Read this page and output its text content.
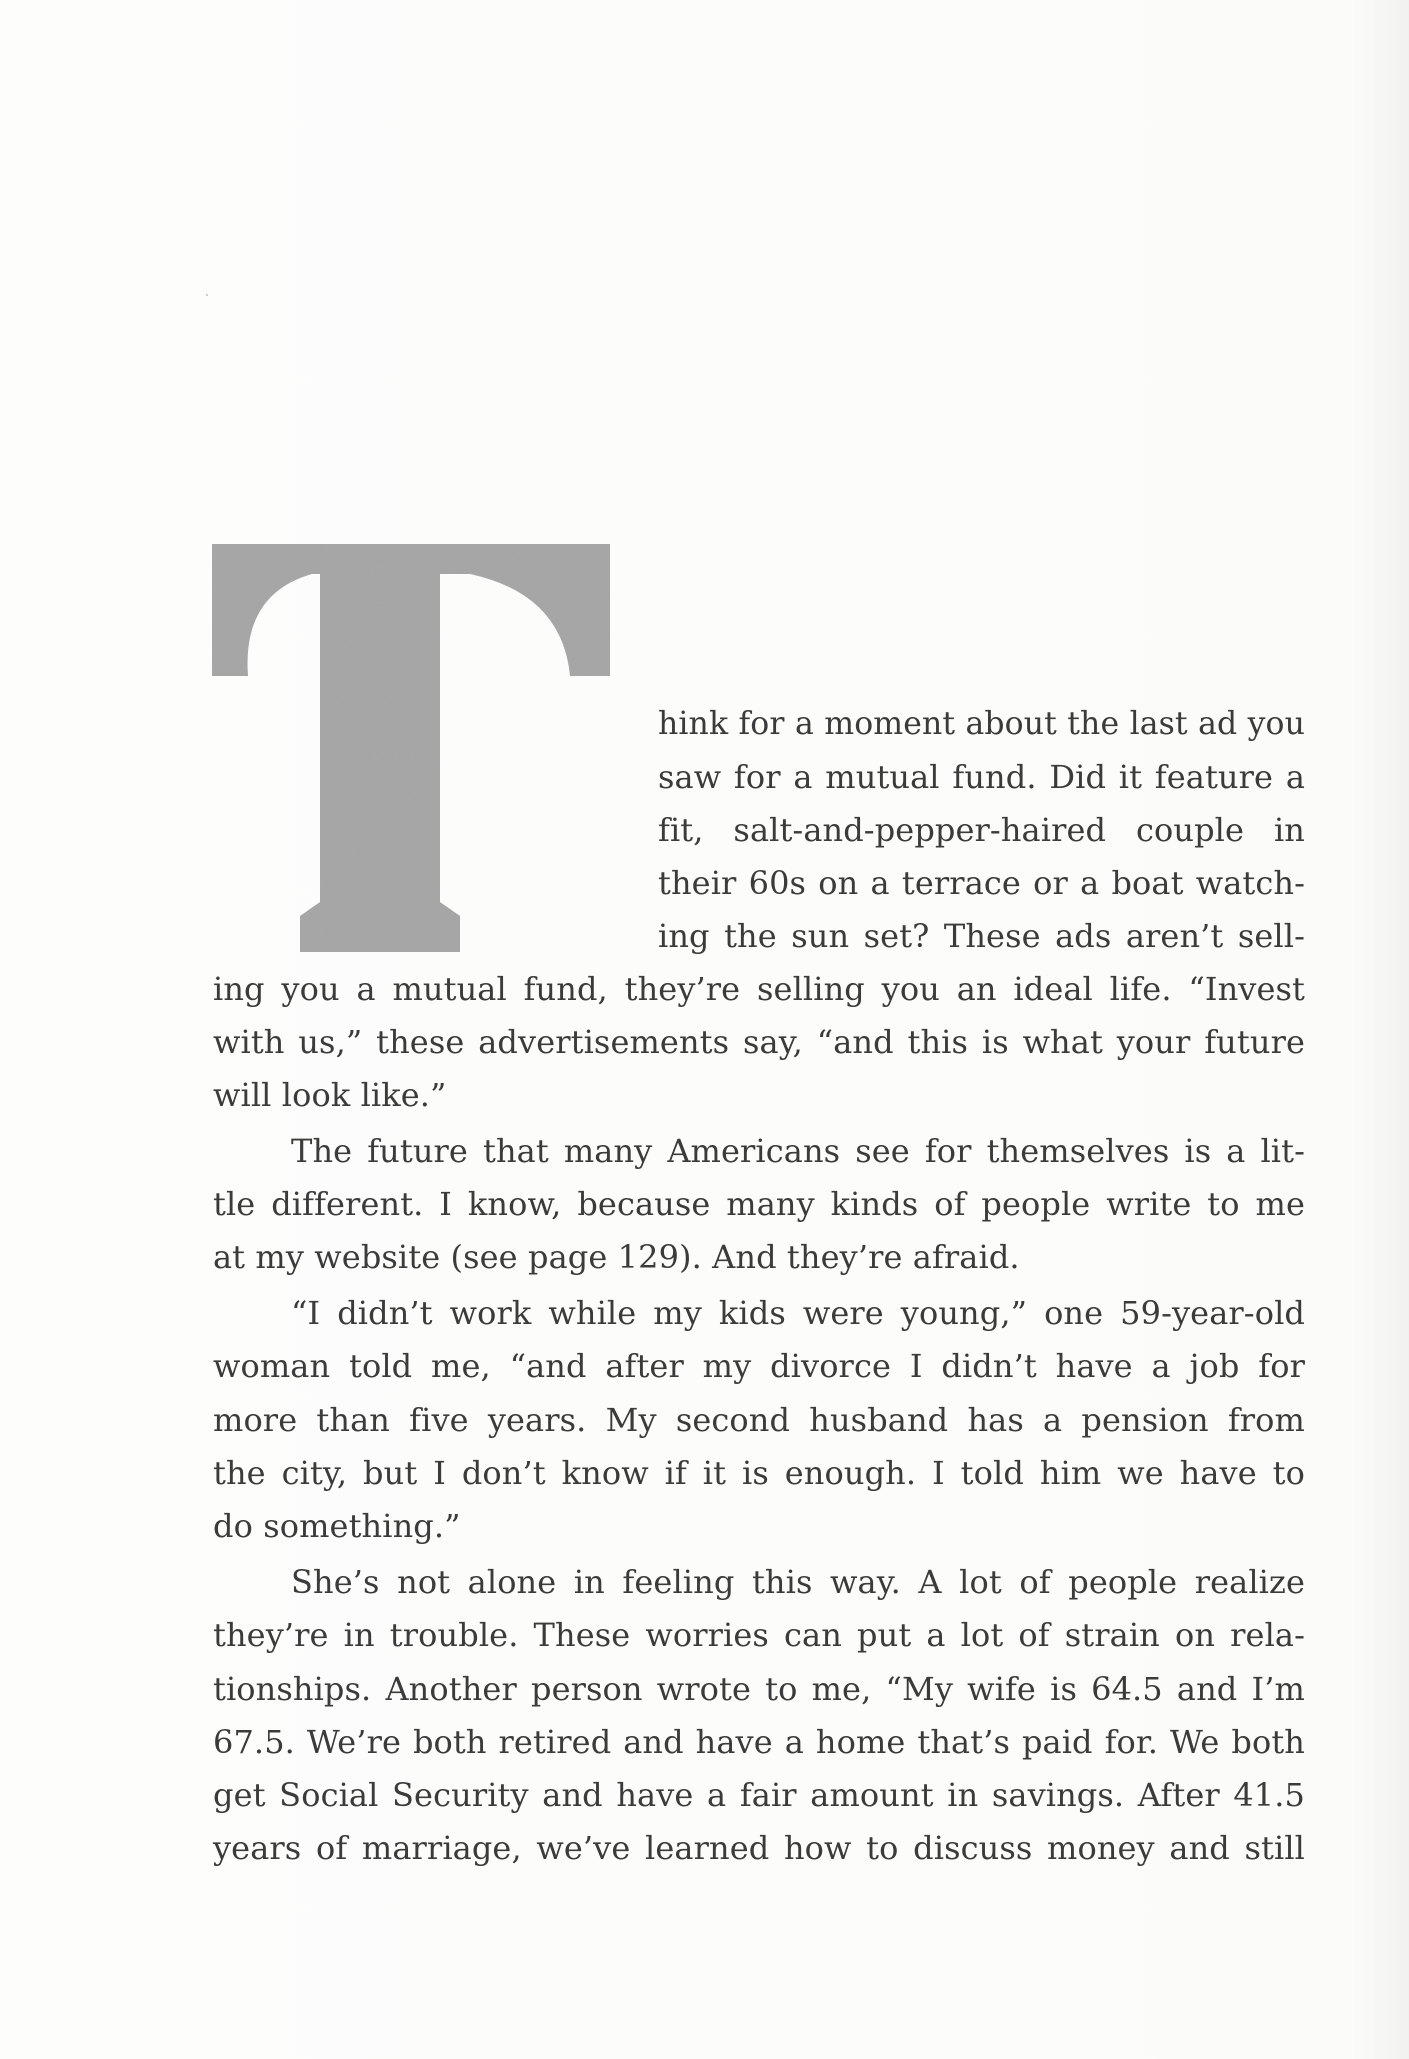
hink for a moment about the last ad you

saw for a mutual fund. Did it feature a

fit, salt-and-pepper-haired couple in

their 60s on a terrace or a boat watch-

ing the sun set? These ads aren’t sell-

ing you a mutual fund, they’re selling you an ideal life. “Invest

with us,” these advertisements say, “and this is what your future

will look like.”

The future that many Americans see for themselves is a lit-

tle different. I know, because many kinds of people write to me

at my website (see page 129). And they’re afraid.

“I didn’t work while my kids were young,” one 59-year-old

woman told me, “and after my divorce I didn’t have a job for

more than five years. My second husband has a pension from

the city, but I don’t know if it is enough. I told him we have to

do something.”

She’s not alone in feeling this way. A lot of people realize

they’re in trouble. These worries can put a lot of strain on rela-

tionships. Another person wrote to me, “My wife is 64.5 and I’m

67.5. We’re both retired and have a home that’s paid for. We both

get Social Security and have a fair amount in savings. After 41.5

years of marriage, we’ve learned how to discuss money and still
